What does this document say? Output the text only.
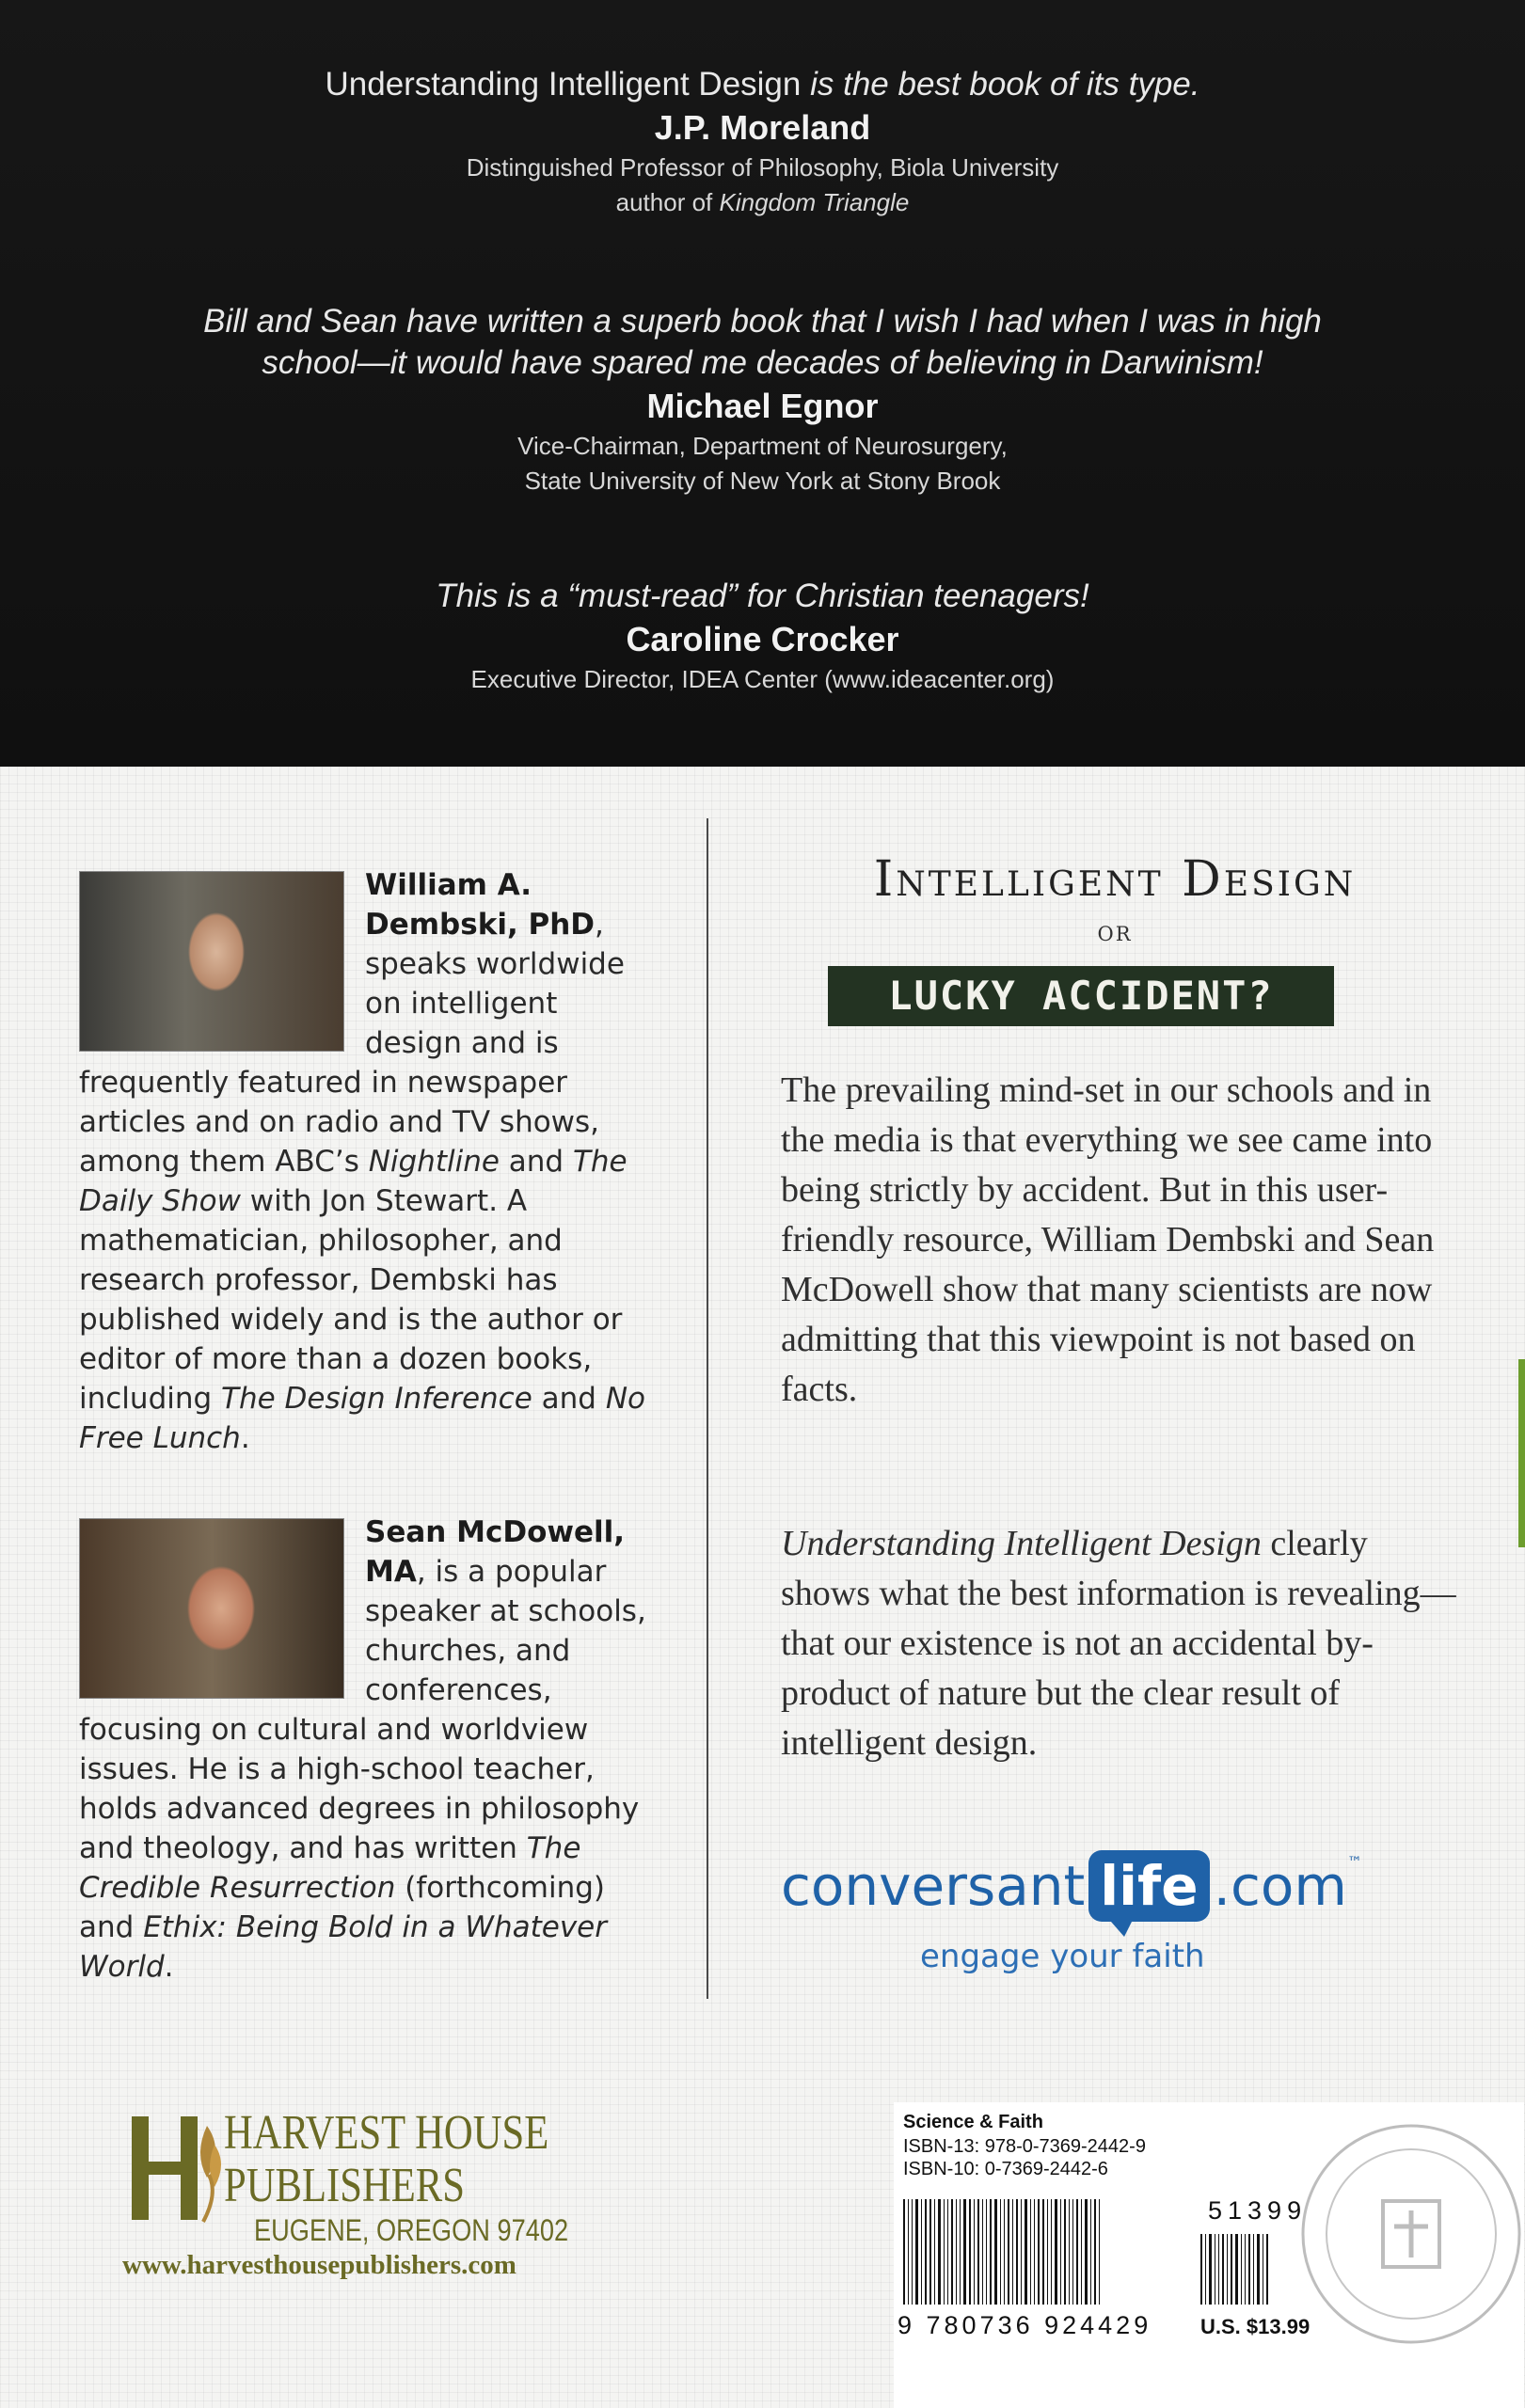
Understanding Intelligent Design is the best book of its type.
J.P. Moreland
Distinguished Professor of Philosophy, Biola University
author of Kingdom Triangle
Bill and Sean have written a superb book that I wish I had when I was in high
school—it would have spared me decades of believing in Darwinism!
Michael Egnor
Vice-Chairman, Department of Neurosurgery,
State University of New York at Stony Brook
This is a “must-read” for Christian teenagers!
Caroline Crocker
Executive Director, IDEA Center (www.ideacenter.org)
William A. Dembski, PhD, speaks worldwide on intelligent design and is frequently featured in newspaper articles and on radio and TV shows, among them ABC’s Nightline and The Daily Show with Jon Stewart. A mathematician, philosopher, and research professor, Dembski has published widely and is the author or editor of more than a dozen books, including The Design Inference and No Free Lunch.
Sean McDowell, MA, is a popular speaker at schools, churches, and conferences, focusing on cultural and worldview issues. He is a high-school teacher, holds advanced degrees in philosophy and theology, and has written The Credible Resurrection (forthcoming) and Ethix: Being Bold in a Whatever World.
Intelligent Design
or
LUCKY ACCIDENT?
The prevailing mind-set in our schools and in the media is that everything we see came into being strictly by accident. But in this user-friendly resource, William Dembski and Sean McDowell show that many scientists are now admitting that this viewpoint is not based on facts.
Understanding Intelligent Design clearly shows what the best information is revealing—that our existence is not an accidental by-product of nature but the clear result of intelligent design.
conversant life .com™
engage your faith
HARVEST HOUSE
PUBLISHERS
EUGENE, OREGON 97402
www.harvesthousepublishers.com
Science & Faith
ISBN-13: 978-0-7369-2442-9
ISBN-10: 0-7369-2442-6
51399
9 780736 924429 U.S. $13.99
